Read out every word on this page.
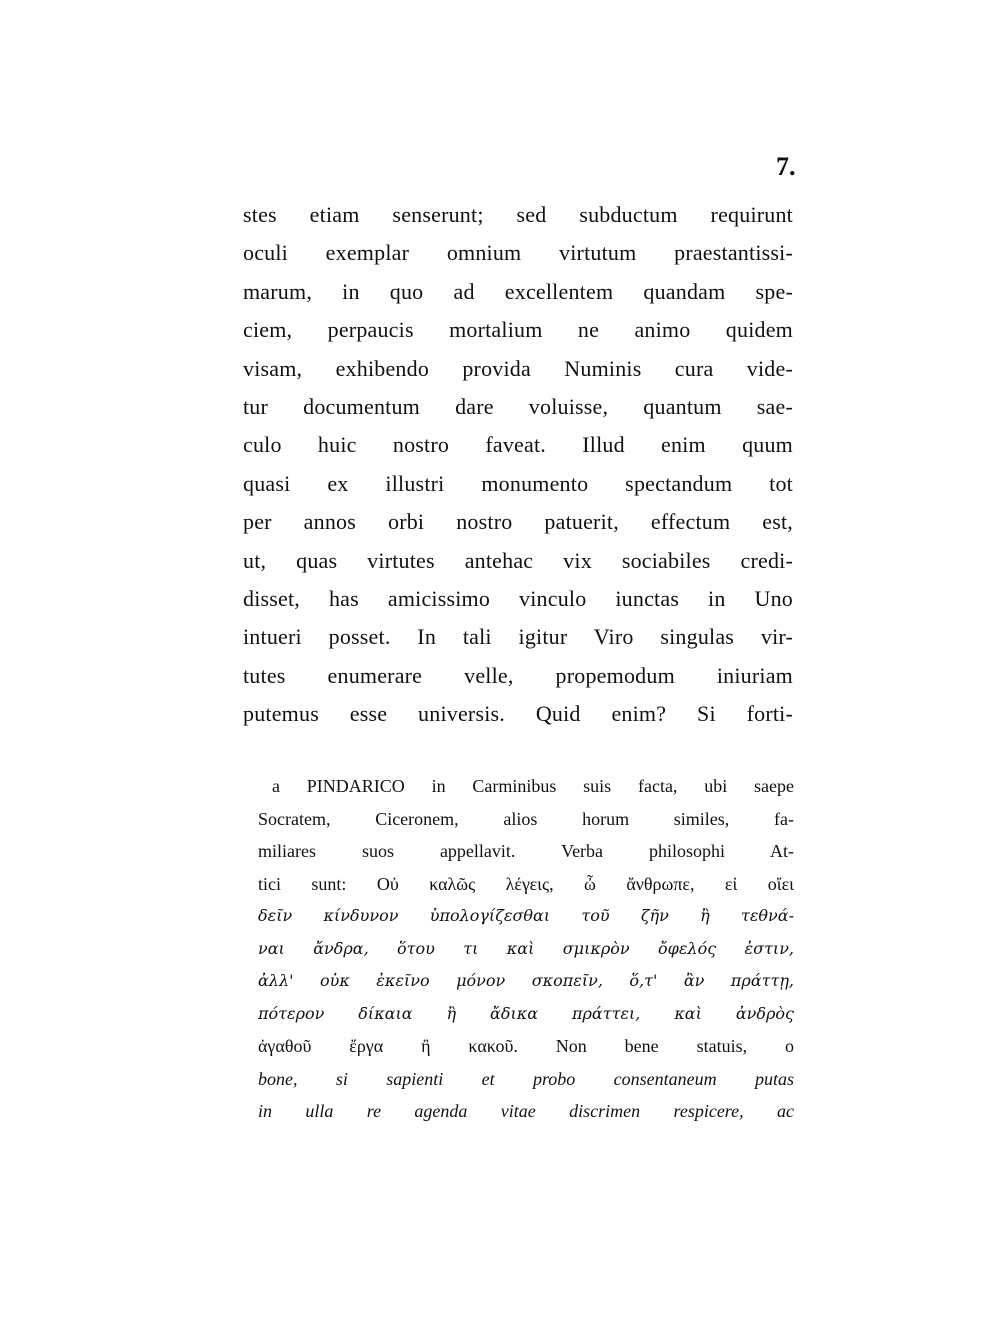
7.
stes etiam senserunt; sed subductum requirunt
oculi exemplar omnium virtutum praestantissi-
marum, in quo ad excellentem quandam spe-
ciem, perpaucis mortalium ne animo quidem
visam, exhibendo provida Numinis cura vide-
tur documentum dare voluisse, quantum sae-
culo huic nostro faveat. Illud enim quum
quasi ex illustri monumento spectandum tot
per annos orbi nostro patuerit, effectum est,
ut, quas virtutes antehac vix sociabiles credi-
disset, has amicissimo vinculo iunctas in Uno
intueri posset. In tali igitur Viro singulas vir-
tutes enumerare velle, propemodum iniuriam
putemus esse universis. Quid enim? Si forti-
a PINDARICO in Carminibus suis facta, ubi saepe
Socratem, Ciceronem, alios horum similes, fa-
miliares suos appellavit. Verba philosophi At-
tici sunt: Οὐ καλῶς λέγεις, ὦ ἄνθρωπε, εἰ οἴει
δεῖν κίνδυνον ὑπολογίζεσθαι τοῦ ζῆν ἢ τεθνά-
ναι ἄνδρα, ὅτου τι καὶ σμικρὸν ὄφελός ἐστιν,
ἀλλ' οὐκ ἐκεῖνο μόνον σκοπεῖν, ὅ,τ' ἂν πράττῃ,
πότερον δίκαια ἢ ἄδικα πράττει, καὶ ἀνδρὸς
ἀγαθοῦ ἔργα ἢ κακοῦ. Non bene statuis, o
bone, si sapienti et probo consentaneum putas
in ulla re agenda vitae discrimen respicere, ac
